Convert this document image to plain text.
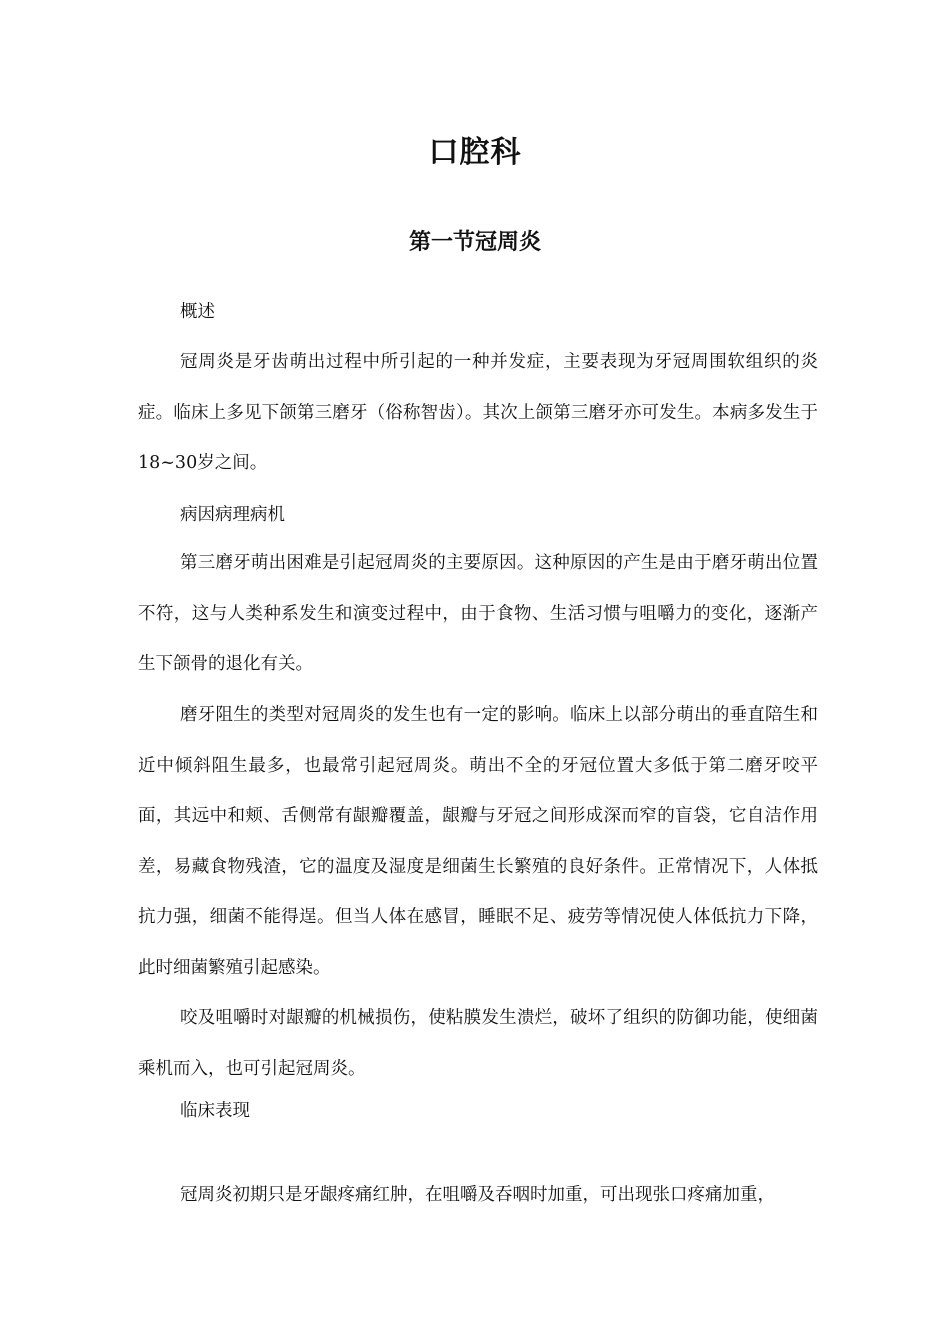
口腔科
第一节冠周炎

概述

冠周炎是牙齿萌出过程中所引起的一种并发症，主要表现为牙冠周围软组织的炎症。临床上多见下颌第三磨牙（俗称智齿）。其次上颌第三磨牙亦可发生。本病多发生于18~30岁之间。

病因病理病机

第三磨牙萌出困难是引起冠周炎的主要原因。这种原因的产生是由于磨牙萌出位置不符，这与人类种系发生和演变过程中，由于食物、生活习惯与咀嚼力的变化，逐渐产生下颌骨的退化有关。

磨牙阻生的类型对冠周炎的发生也有一定的影响。临床上以部分萌出的垂直陪生和近中倾斜阻生最多，也最常引起冠周炎。萌出不全的牙冠位置大多低于第二磨牙咬平面，其远中和颊、舌侧常有龈瓣覆盖，龈瓣与牙冠之间形成深而窄的盲袋，它自洁作用差，易藏食物残渣，它的温度及湿度是细菌生长繁殖的良好条件。正常情况下，人体抵抗力强，细菌不能得逞。但当人体在感冒，睡眠不足、疲劳等情况使人体低抗力下降，此时细菌繁殖引起感染。

咬及咀嚼时对龈瓣的机械损伤，使粘膜发生溃烂，破坏了组织的防御功能，使细菌乘机而入，也可引起冠周炎。

临床表现

冠周炎初期只是牙龈疼痛红肿，在咀嚼及吞咽时加重，可出现张口疼痛加重，
